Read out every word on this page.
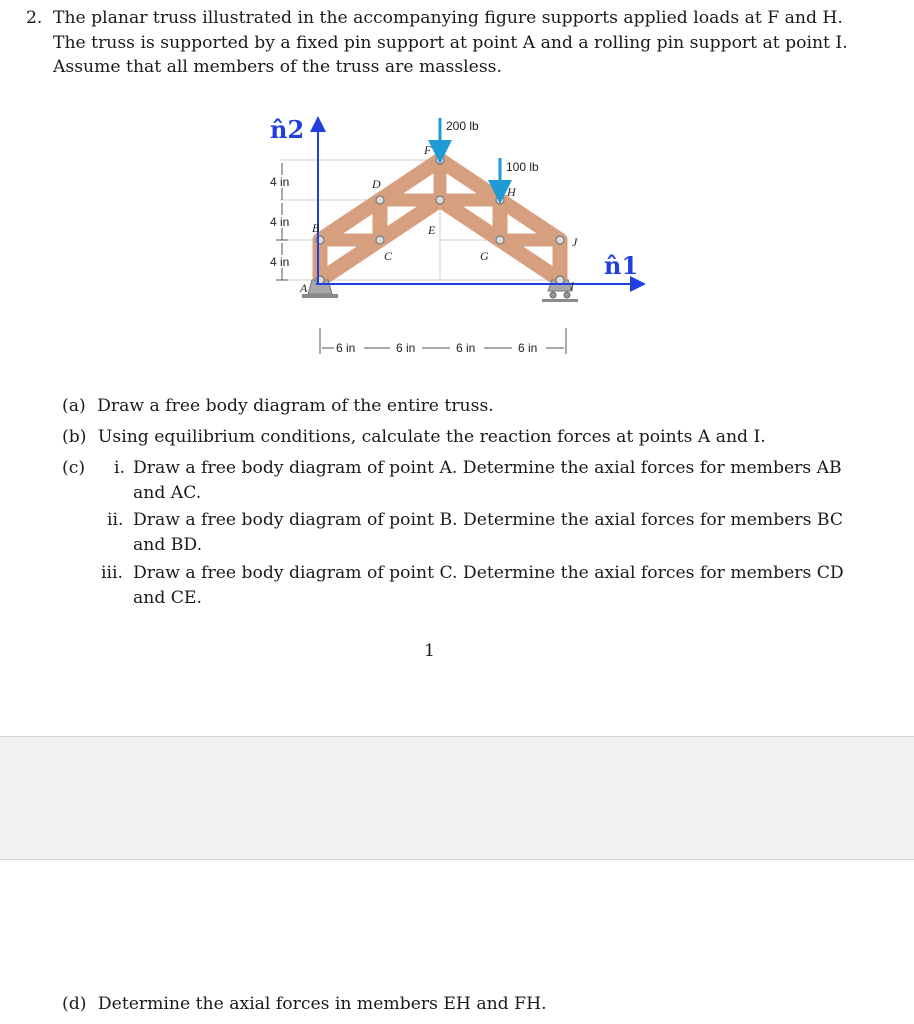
2. The planar truss illustrated in the accompanying figure supports applied loads at F and H.
The truss is supported by a fixed pin support at point A and a rolling pin support at point I.
Assume that all members of the truss are massless.
n̂2
n̂1
200 lb
100 lb
A
B
C
D
E
F
G
H
I
J
4 in
4 in
4 in
6 in	6 in	6 in	6 in
(a) Draw a free body diagram of the entire truss.
(b) Using equilibrium conditions, calculate the reaction forces at points A and I.
(c) i. Draw a free body diagram of point A. Determine the axial forces for members AB
and AC.
ii. Draw a free body diagram of point B. Determine the axial forces for members BC
and BD.
iii. Draw a free body diagram of point C. Determine the axial forces for members CD
and CE.
1
(d) Determine the axial forces in members EH and FH.
